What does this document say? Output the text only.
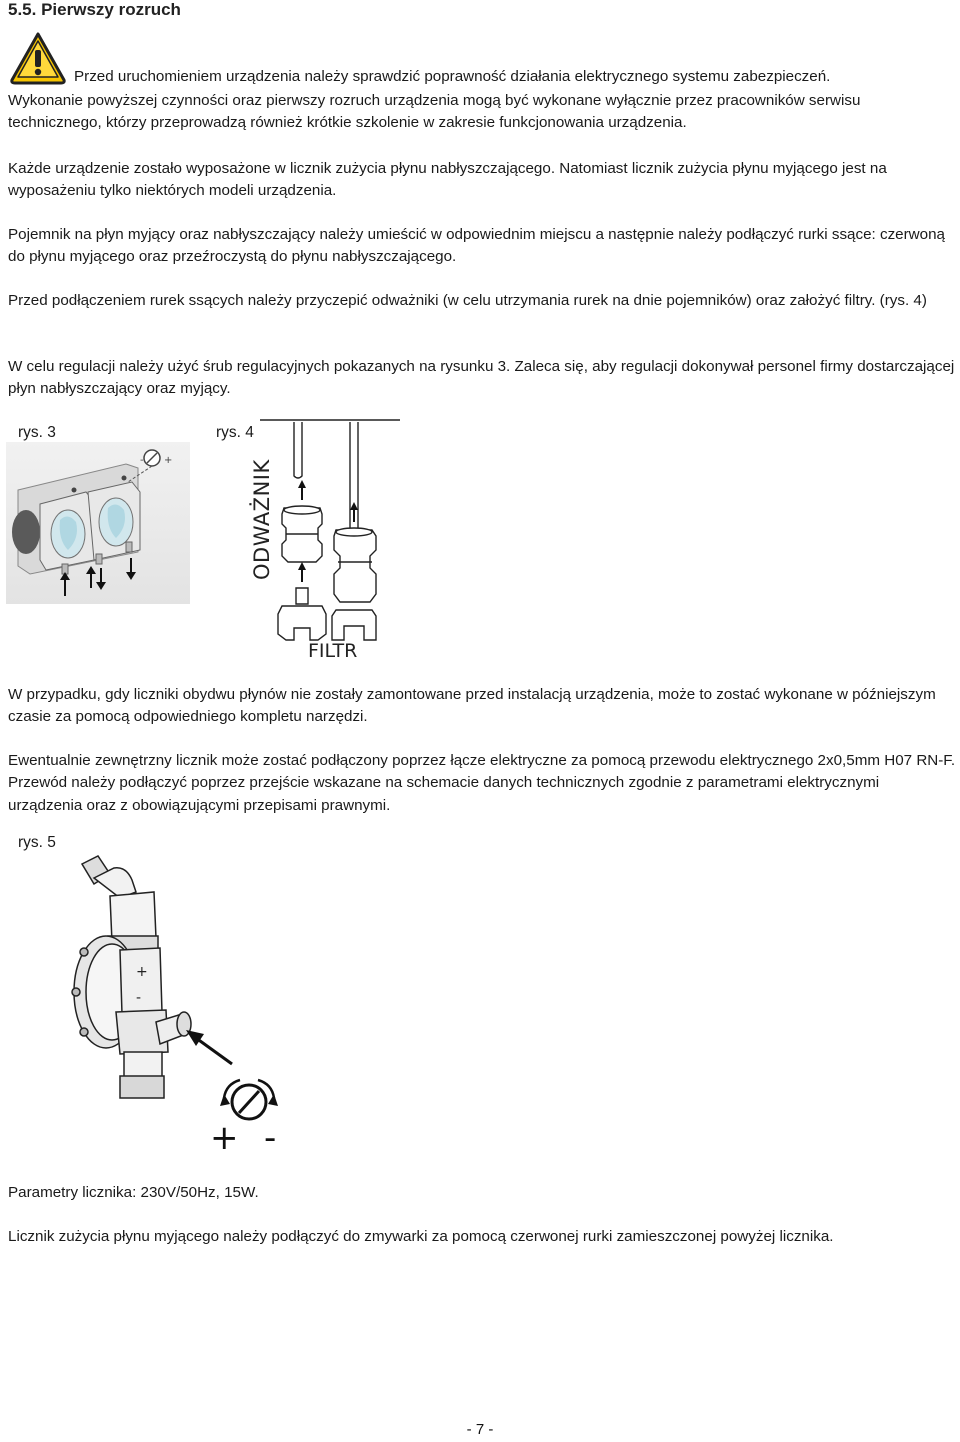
5.5. Pierwszy rozruch
Przed uruchomieniem urządzenia należy sprawdzić poprawność działania elektrycznego systemu zabezpieczeń.
Wykonanie powyższej czynności oraz pierwszy rozruch urządzenia mogą być wykonane wyłącznie przez pracowników serwisu technicznego, którzy przeprowadzą również krótkie szkolenie w zakresie funkcjonowania urządzenia.
Każde urządzenie zostało wyposażone w licznik zużycia płynu nabłyszczającego. Natomiast licznik zużycia płynu myjącego jest na wyposażeniu tylko niektórych modeli urządzenia.
Pojemnik na płyn myjący oraz nabłyszczający należy umieścić w odpowiednim miejscu a następnie należy podłączyć rurki ssące: czerwoną do płynu myjącego oraz przeźroczystą do płynu nabłyszczającego.
Przed podłączeniem rurek ssących należy przyczepić odważniki (w celu utrzymania rurek na dnie pojemników) oraz założyć filtry. (rys. 4)
W celu regulacji należy użyć śrub regulacyjnych pokazanych na rysunku 3. Zaleca się, aby regulacji dokonywał personel firmy dostarczającej płyn nabłyszczający oraz myjący.
rys. 3	rys. 4
- +	ODWAŻNIK
FILTR
W przypadku, gdy liczniki obydwu płynów nie zostały zamontowane przed instalacją urządzenia, może to zostać wykonane w późniejszym czasie za pomocą odpowiedniego kompletu narzędzi.
Ewentualnie zewnętrzny licznik może zostać podłączony poprzez łącze elektryczne za pomocą przewodu elektrycznego 2x0,5mm H07 RN-F. Przewód należy podłączyć poprzez przejście wskazane na schemacie danych technicznych zgodnie z parametrami elektrycznymi urządzenia oraz z obowiązującymi przepisami prawnymi.
rys. 5
+
-
+ -
Parametry licznika: 230V/50Hz, 15W.
Licznik zużycia płynu myjącego należy podłączyć do zmywarki za pomocą czerwonej rurki zamieszczonej powyżej licznika.
- 7 -
